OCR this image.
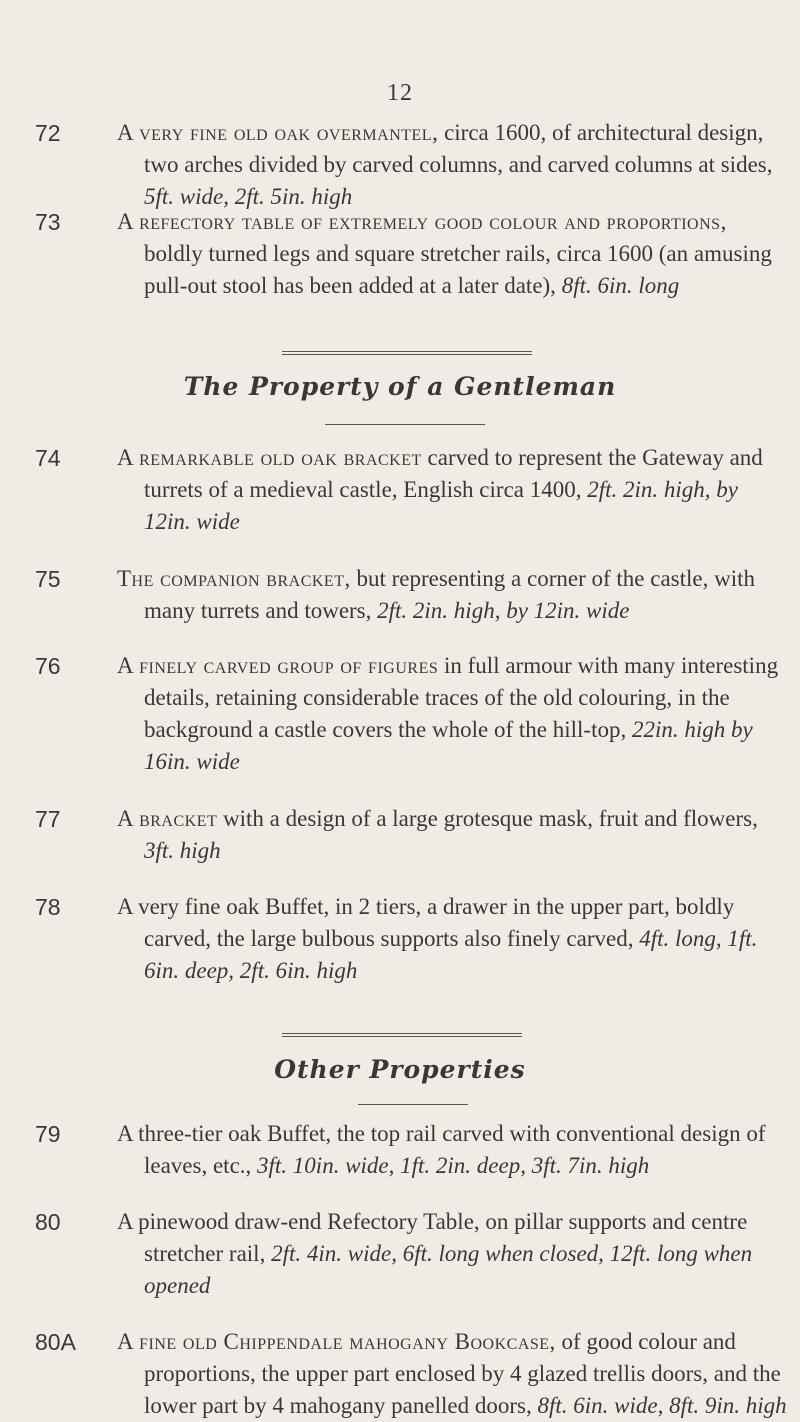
12
72 A very fine old oak overmantel, circa 1600, of architectural design, two arches divided by carved columns, and carved columns at sides, 5ft. wide, 2ft. 5in. high
73 A refectory table of extremely good colour and proportions, boldly turned legs and square stretcher rails, circa 1600 (an amusing pull-out stool has been added at a later date), 8ft. 6in. long
The Property of a Gentleman
74 A remarkable old oak bracket carved to represent the Gateway and turrets of a medieval castle, English circa 1400, 2ft. 2in. high, by 12in. wide
75 The companion bracket, but representing a corner of the castle, with many turrets and towers, 2ft. 2in. high, by 12in. wide
76 A finely carved group of figures in full armour with many interesting details, retaining considerable traces of the old colouring, in the background a castle covers the whole of the hill-top, 22in. high by 16in. wide
77 A bracket with a design of a large grotesque mask, fruit and flowers, 3ft. high
78 A very fine oak Buffet, in 2 tiers, a drawer in the upper part, boldly carved, the large bulbous supports also finely carved, 4ft. long, 1ft. 6in. deep, 2ft. 6in. high
Other Properties
79 A three-tier oak Buffet, the top rail carved with conventional design of leaves, etc., 3ft. 10in. wide, 1ft. 2in. deep, 3ft. 7in. high
80 A pinewood draw-end Refectory Table, on pillar supports and centre stretcher rail, 2ft. 4in. wide, 6ft. long when closed, 12ft. long when opened
80A A fine old Chippendale mahogany Bookcase, of good colour and proportions, the upper part enclosed by 4 glazed trellis doors, and the lower part by 4 mahogany panelled doors, 8ft. 6in. wide, 8ft. 9in. high
